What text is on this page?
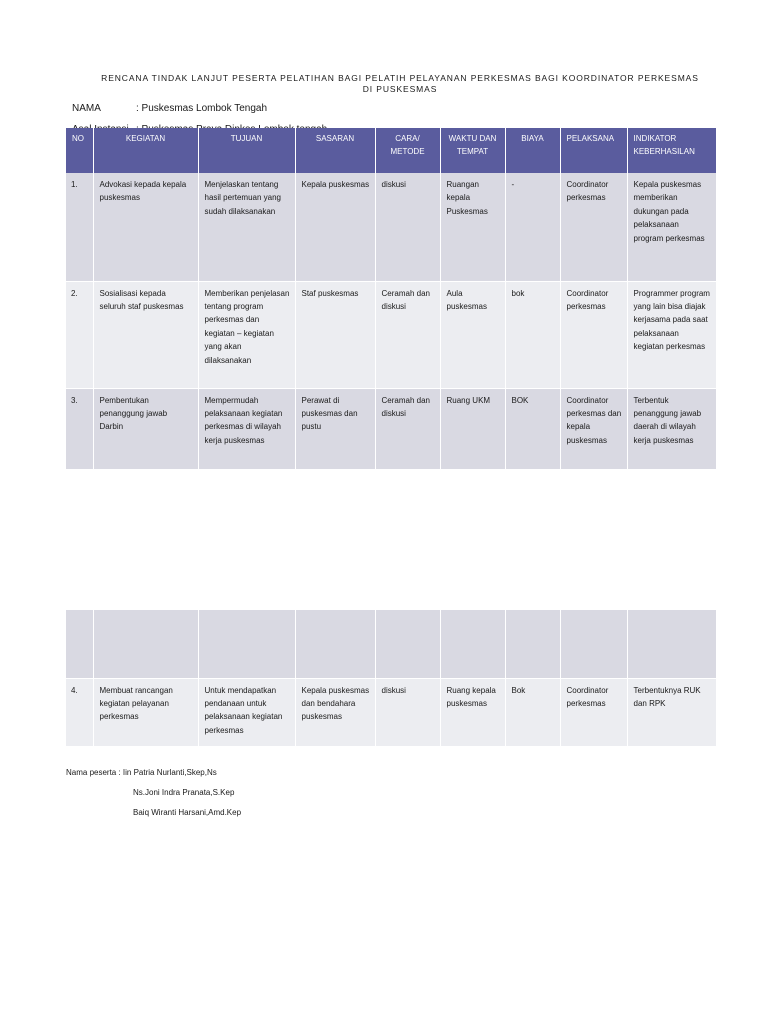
RENCANA TINDAK LANJUT PESERTA PELATIHAN BAGI PELATIH PELAYANAN PERKESMAS BAGI KOORDINATOR PERKESMAS DI PUSKESMAS
NAMA	: Puskesmas Lombok Tengah
NO	KEGIATAN	TUJUAN	SASARAN	CARA/ METODE	WAKTU DAN TEMPAT	BIAYA	PELAKSANA	INDIKATOR KEBERHASILAN
1.	Advokasi kepada kepala puskesmas	Menjelaskan tentang hasil pertemuan yang sudah dilaksanakan	Kepala puskesmas	diskusi	Ruangan kepala Puskesmas	-	Coordinator perkesmas	Kepala puskesmas memberikan dukungan pada pelaksanaan program perkesmas
2.	Sosialisasi kepada seluruh staf puskesmas	Memberikan penjelasan tentang program perkesmas dan kegiatan – kegiatan yang akan dilaksanakan	Staf puskesmas	Ceramah dan diskusi	Aula puskesmas	bok	Coordinator perkesmas	Programmer program yang lain bisa diajak kerjasama pada saat pelaksanaan kegiatan perkesmas
3.	Pembentukan penanggung jawab Darbin	Mempermudah pelaksanaan kegiatan perkesmas di wilayah kerja puskesmas	Perawat di puskesmas dan pustu	Ceramah dan diskusi	Ruang UKM	BOK	Coordinator perkesmas dan kepala puskesmas	Terbentuk penanggung jawab daerah di wilayah kerja puskesmas

4.	Membuat rancangan kegiatan pelayanan perkesmas	Untuk mendapatkan pendanaan untuk pelaksanaan kegiatan perkesmas	Kepala puskesmas dan bendahara puskesmas	diskusi	Ruang kepala puskesmas	Bok	Coordinator perkesmas	Terbentuknya RUK dan RPK
Nama peserta : Iin Patria Nurlanti,Skep,Ns
Ns.Joni Indra Pranata,S.Kep
Baiq Wiranti Harsani,Amd.Kep
